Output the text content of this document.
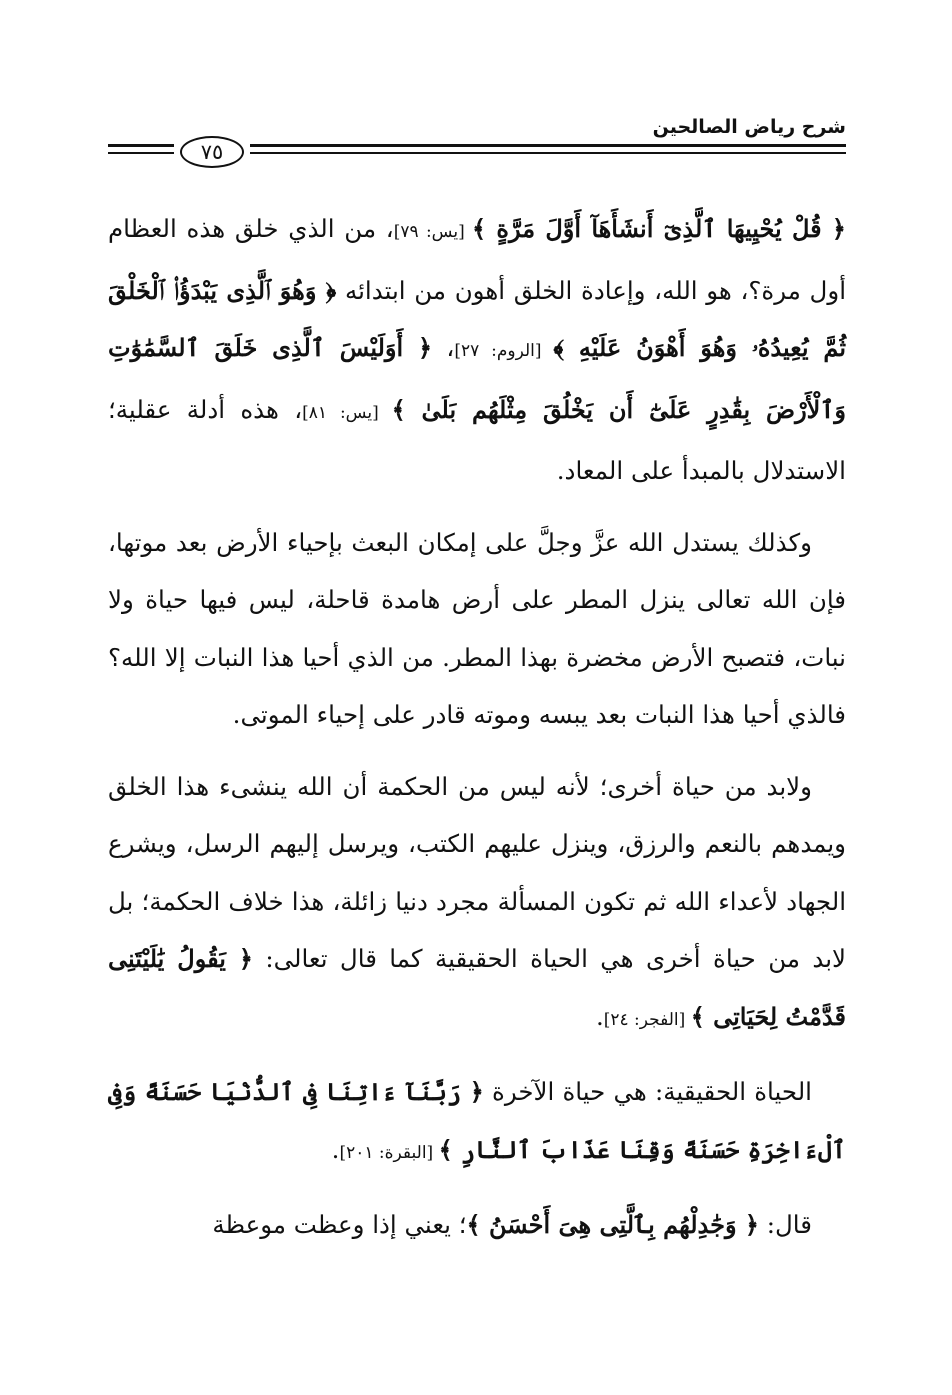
شرح رياض الصالحين
٧٥

﴿ قُلْ يُحْيِيهَا ٱلَّذِىٓ أَنشَأَهَآ أَوَّلَ مَرَّةٍ ﴾ [يس: ٧٩]، من الذي خلق هذه العظام أول مرة؟، هو الله، وإعادة الخلق أهون من ابتدائه ﴿ وَهُوَ ٱلَّذِى يَبْدَؤُا۟ ٱلْخَلْقَ ثُمَّ يُعِيدُهُۥ وَهُوَ أَهْوَنُ عَلَيْهِ ﴾ [الروم: ٢٧]، ﴿ أَوَلَيْسَ ٱلَّذِى خَلَقَ ٱلسَّمَٰوَٰتِ وَٱلْأَرْضَ بِقَٰدِرٍ عَلَىٰٓ أَن يَخْلُقَ مِثْلَهُم بَلَىٰ ﴾ [يس: ٨١]، هذه أدلة عقلية؛ الاستدلال بالمبدأ على المعاد.

وكذلك يستدل الله عزَّ وجلَّ على إمكان البعث بإحياء الأرض بعد موتها، فإن الله تعالى ينزل المطر على أرض هامدة قاحلة، ليس فيها حياة ولا نبات، فتصبح الأرض مخضرة بهذا المطر. من الذي أحيا هذا النبات إلا الله؟ فالذي أحيا هذا النبات بعد يبسه وموته قادر على إحياء الموتى.

ولابد من حياة أخرى؛ لأنه ليس من الحكمة أن الله ينشىء هذا الخلق ويمدهم بالنعم والرزق، وينزل عليهم الكتب، ويرسل إليهم الرسل، ويشرع الجهاد لأعداء الله ثم تكون المسألة مجرد دنيا زائلة، هذا خلاف الحكمة؛ بل لابد من حياة أخرى هي الحياة الحقيقية كما قال تعالى: ﴿ يَقُولُ يَٰلَيْتَنِى قَدَّمْتُ لِحَيَاتِى ﴾ [الفجر: ٢٤].

الحياة الحقيقية: هي حياة الآخرة ﴿ رَبَّنَآ ءَاتِنَا فِى ٱلدُّنْيَا حَسَنَةً وَفِى ٱلْءَاخِرَةِ حَسَنَةً وَقِنَا عَذَابَ ٱلنَّارِ ﴾ [البقرة: ٢٠١].

قال: ﴿ وَجَٰدِلْهُم بِٱلَّتِى هِىَ أَحْسَنُ ﴾؛ يعني إذا وعظت موعظة
